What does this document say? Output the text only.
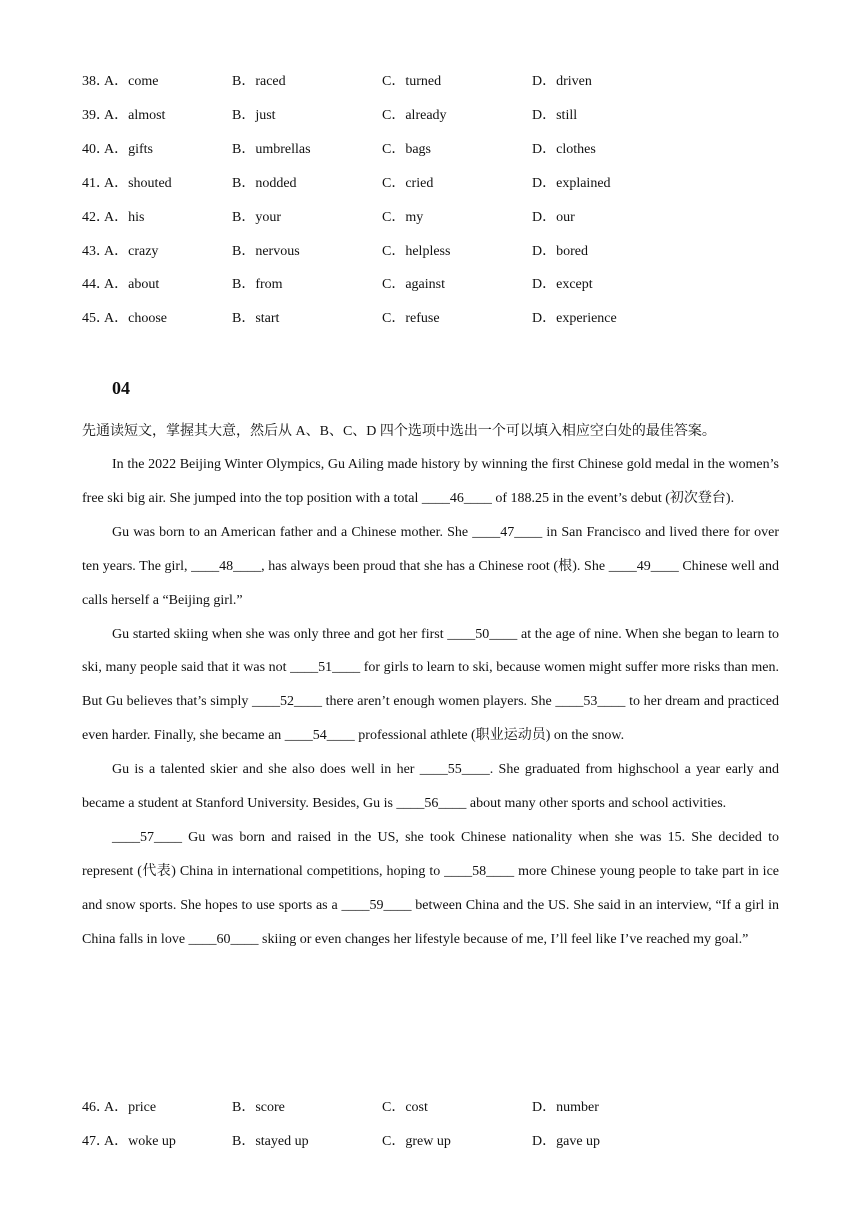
38．
A．come	B．raced	C．turned	D．driven
39．
A．almost	B．just	C．already	D．still
40．
A．gifts	B．umbrellas	C．bags	D．clothes
41．
A．shouted	B．nodded	C．cried	D．explained
42．
A．his	B．your	C．my	D．our
43．
A．crazy	B．nervous	C．helpless	D．bored
44．
A．about	B．from	C．against	D．except
45．
A．choose	B．start	C．refuse	D．experience
04
先通读短文，掌握其大意，然后从 A、B、C、D 四个选项中选出一个可以填入相应空白处的最佳答案。

In the 2022 Beijing Winter Olympics, Gu Ailing made history by winning the first Chinese gold medal in the women’s free ski big air. She jumped into the top position with a total ____46____ of 188.25 in the event’s debut (初次登台).

Gu was born to an American father and a Chinese mother. She ____47____ in San Francisco and lived there for over ten years. The girl, ____48____, has always been proud that she has a Chinese root (根). She ____49____ Chinese well and calls herself a “Beijing girl.”

Gu started skiing when she was only three and got her first ____50____ at the age of nine. When she began to learn to ski, many people said that it was not ____51____ for girls to learn to ski, because women might suffer more risks than men. But Gu believes that’s simply ____52____ there aren’t enough women players. She ____53____ to her dream and practiced even harder. Finally, she became an ____54____ professional athlete (职业运动员) on the snow.

Gu is a talented skier and she also does well in her ____55____. She graduated from highschool a year early and became a student at Stanford University. Besides, Gu is ____56____ about many other sports and school activities.

____57____ Gu was born and raised in the US, she took Chinese nationality when she was 15. She decided to represent (代表) China in international competitions, hoping to ____58____ more Chinese young people to take part in ice and snow sports. She hopes to use sports as a ____59____ between China and the US. She said in an interview, “If a girl in China falls in love ____60____ skiing or even changes her lifestyle because of me, I’ll feel like I’ve reached my goal.”

46．
A．price	B．score	C．cost	D．number
47．
A．woke up	B．stayed up	C．grew up	D．gave up
